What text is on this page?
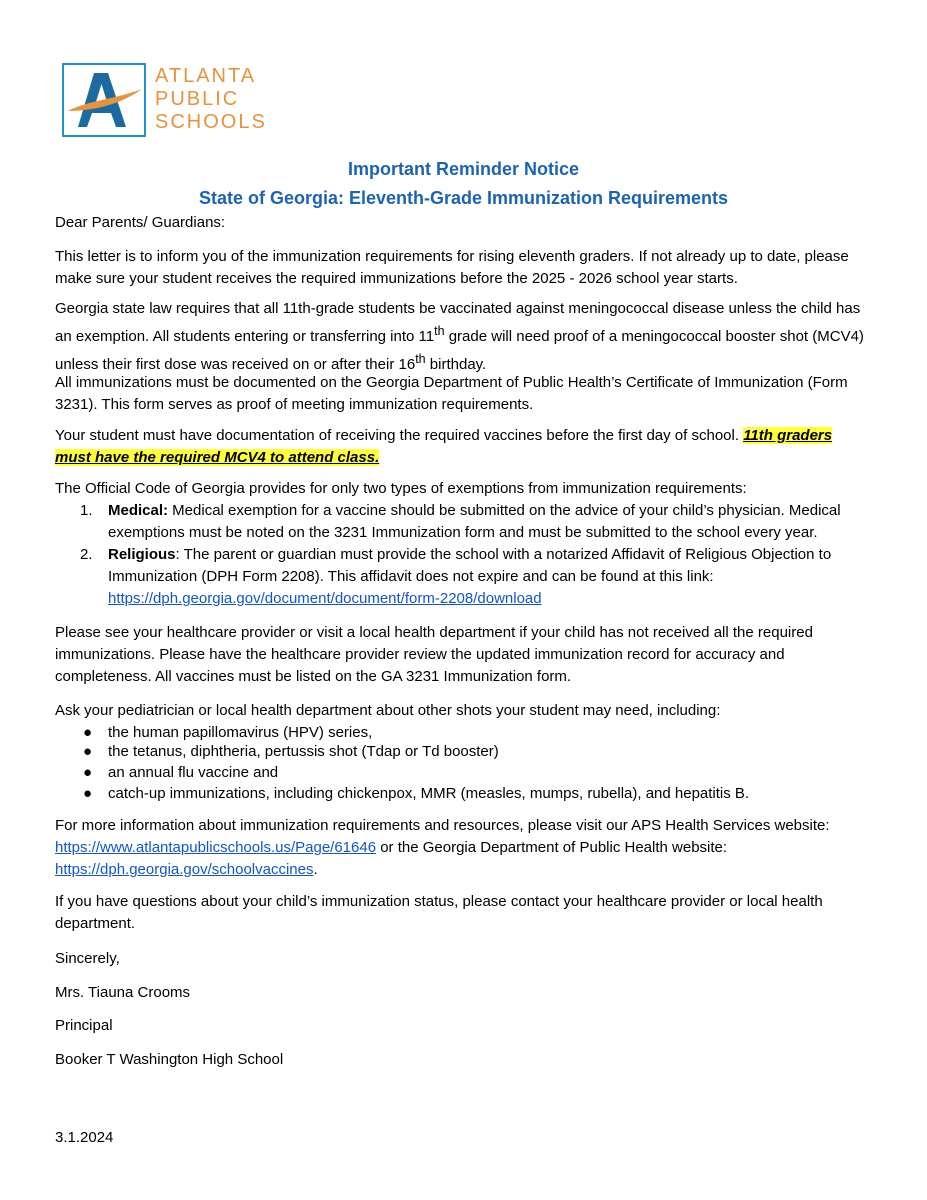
ATLANTA
PUBLIC
SCHOOLS
Important Reminder Notice
State of Georgia: Eleventh-Grade Immunization Requirements

Dear Parents/ Guardians:

This letter is to inform you of the immunization requirements for rising eleventh graders. If not already up to date, please make sure your student receives the required immunizations before the 2025 - 2026 school year starts.

Georgia state law requires that all 11th-grade students be vaccinated against meningococcal disease unless the child has an exemption. All students entering or transferring into 11th grade will need proof of a meningococcal booster shot (MCV4) unless their first dose was received on or after their 16th birthday.

All immunizations must be documented on the Georgia Department of Public Health’s Certificate of Immunization (Form 3231). This form serves as proof of meeting immunization requirements.

Your student must have documentation of receiving the required vaccines before the first day of school. 11th graders must have the required MCV4 to attend class.

The Official Code of Georgia provides for only two types of exemptions from immunization requirements:

1. Medical: Medical exemption for a vaccine should be submitted on the advice of your child’s physician. Medical exemptions must be noted on the 3231 Immunization form and must be submitted to the school every year.
2. Religious: The parent or guardian must provide the school with a notarized Affidavit of Religious Objection to Immunization (DPH Form 2208). This affidavit does not expire and can be found at this link: https://dph.georgia.gov/document/document/form-2208/download

Please see your healthcare provider or visit a local health department if your child has not received all the required immunizations. Please have the healthcare provider review the updated immunization record for accuracy and completeness. All vaccines must be listed on the GA 3231 Immunization form.

Ask your pediatrician or local health department about other shots your student may need, including:

● the human papillomavirus (HPV) series,
● the tetanus, diphtheria, pertussis shot (Tdap or Td booster)
● an annual flu vaccine and
● catch-up immunizations, including chickenpox, MMR (measles, mumps, rubella), and hepatitis B.

For more information about immunization requirements and resources, please visit our APS Health Services website: https://www.atlantapublicschools.us/Page/61646 or the Georgia Department of Public Health website: https://dph.georgia.gov/schoolvaccines.

If you have questions about your child’s immunization status, please contact your healthcare provider or local health department.

Sincerely,

Mrs. Tiauna Crooms

Principal

Booker T Washington High School

3.1.2024
